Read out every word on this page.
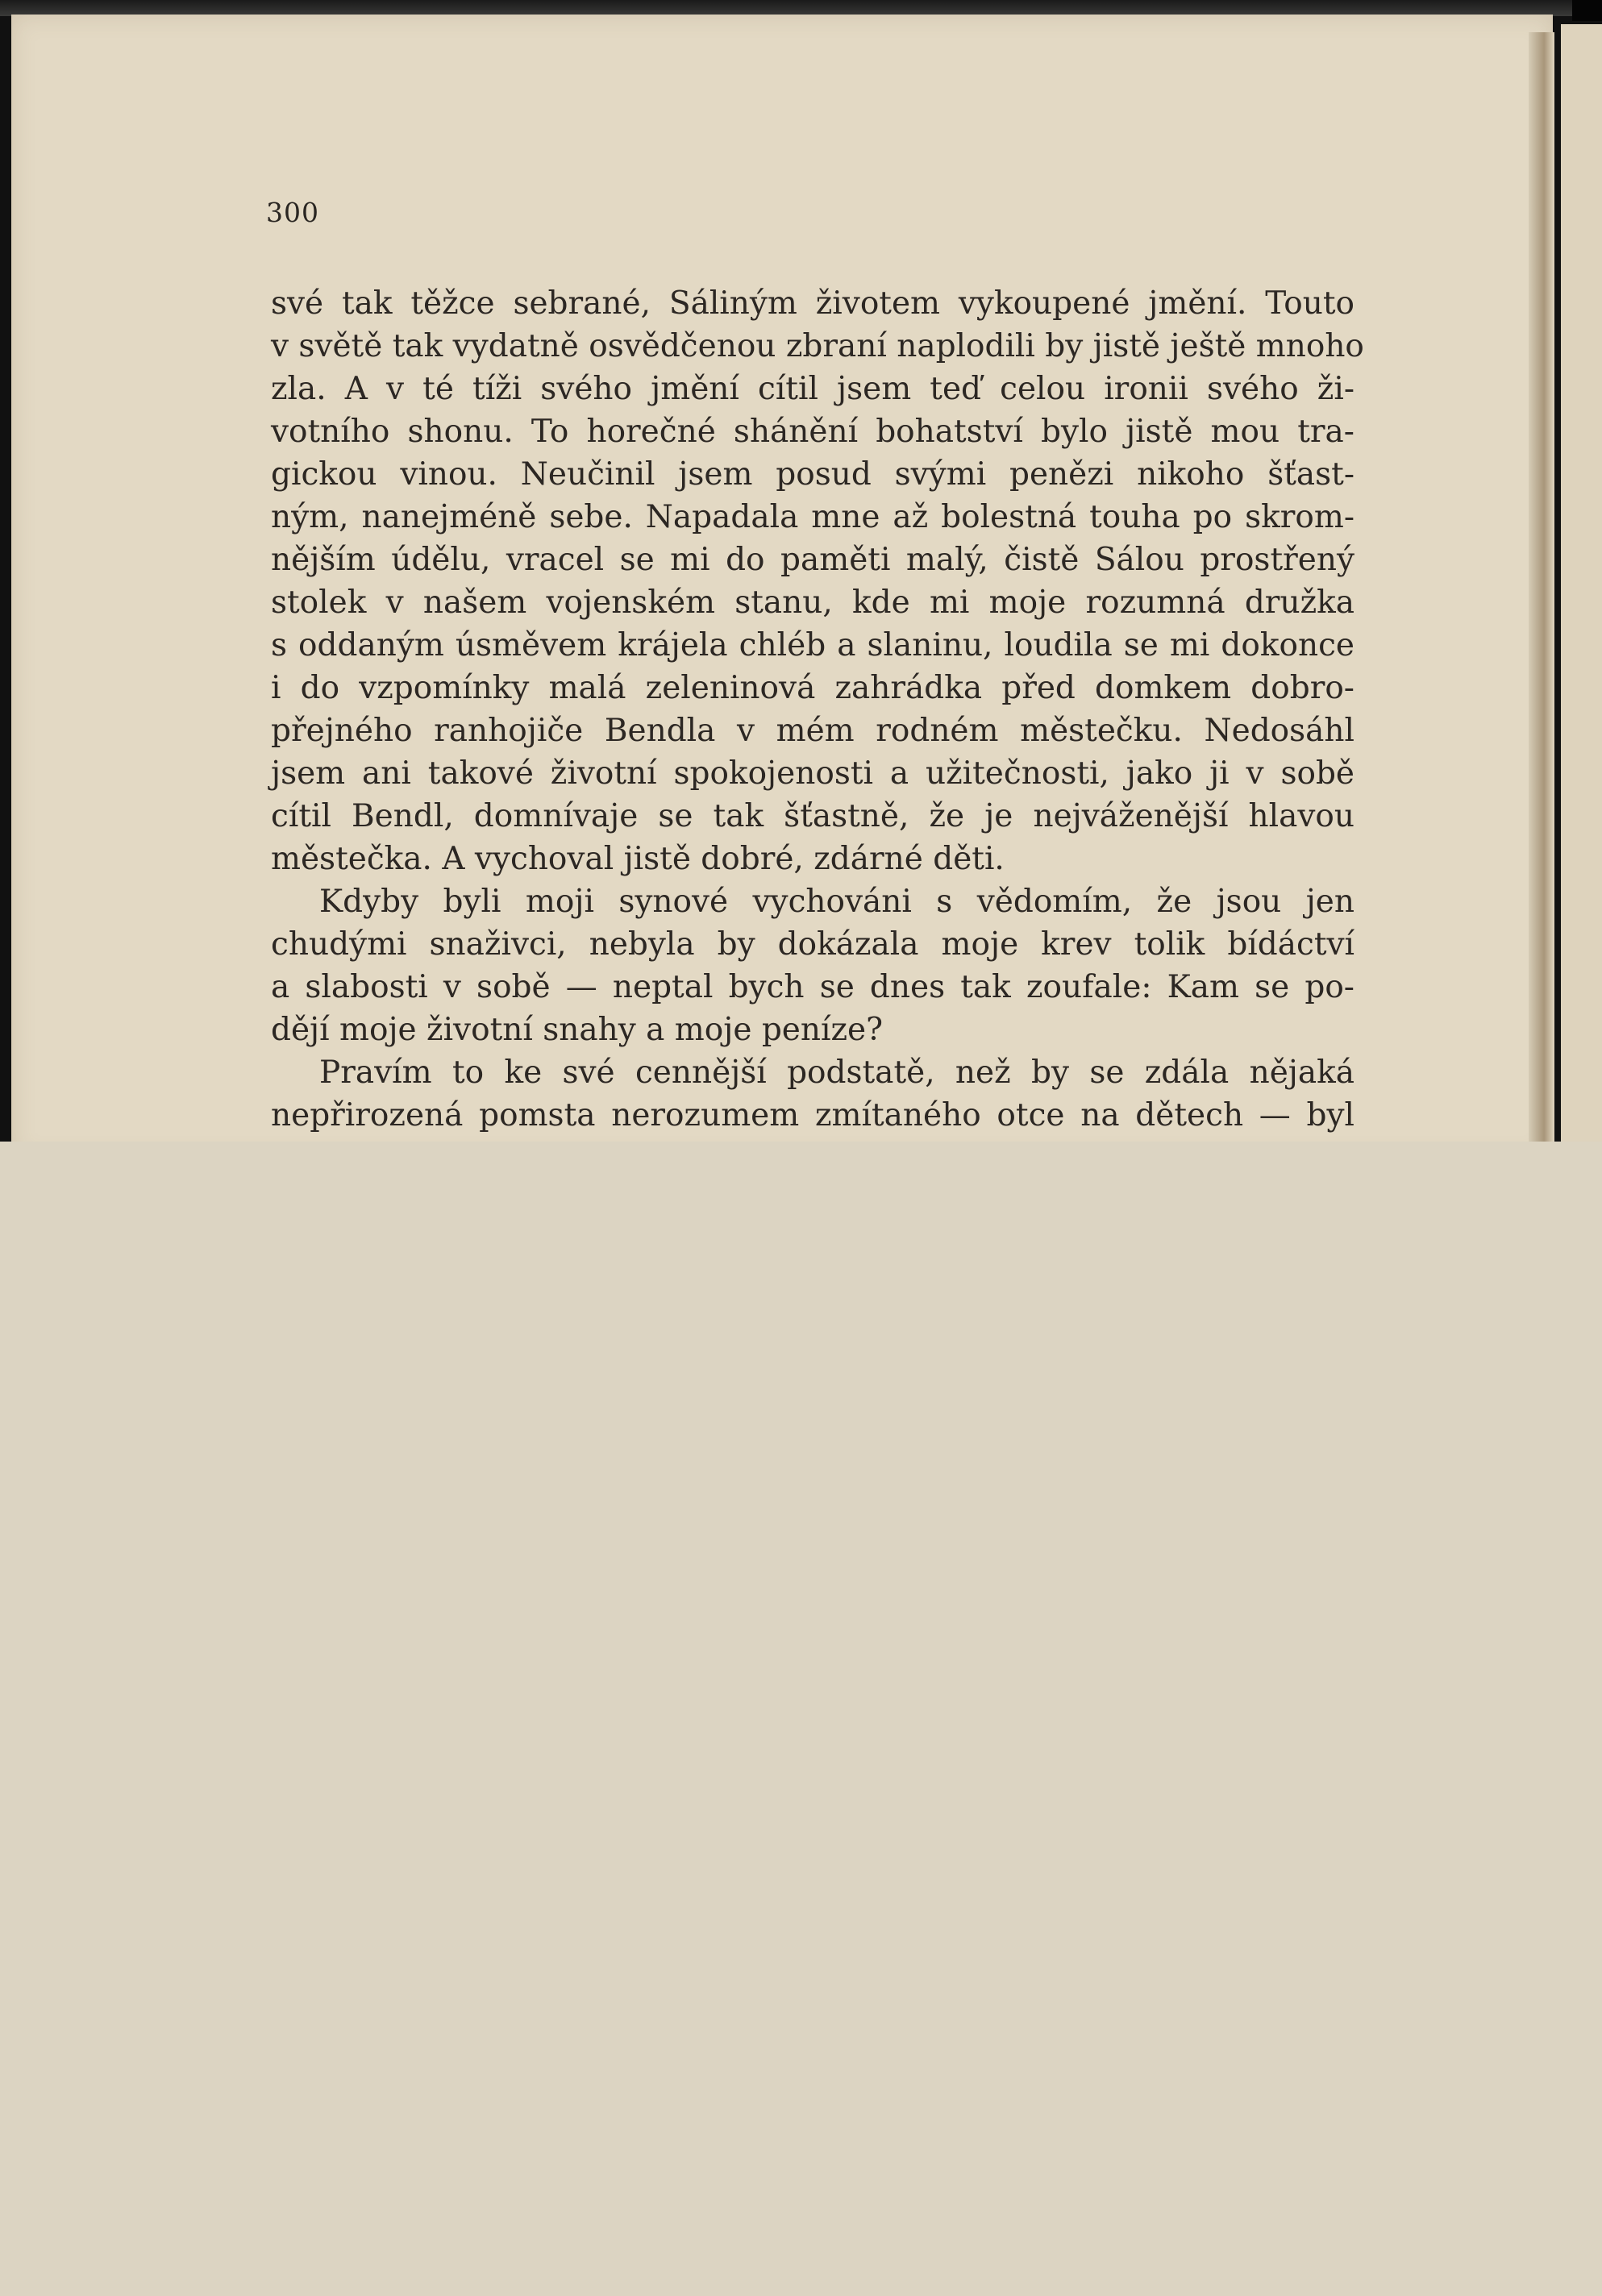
300
své tak těžce sebrané, Sáliným životem vykoupené jmění. Touto
v světě tak vydatně osvědčenou zbraní naplodili by jistě ještě mnoho
zla. A v té tíži svého jmění cítil jsem teď celou ironii svého ži-
votního shonu. To horečné shánění bohatství bylo jistě mou tra-
gickou vinou. Neučinil jsem posud svými penězi nikoho šťast-
ným, nanejméně sebe. Napadala mne až bolestná touha po skrom-
nějším údělu, vracel se mi do paměti malý, čistě Sálou prostřený
stolek v našem vojenském stanu, kde mi moje rozumná družka
s oddaným úsměvem krájela chléb a slaninu, loudila se mi dokonce
i do vzpomínky malá zeleninová zahrádka před domkem dobro-
přejného ranhojiče Bendla v mém rodném městečku. Nedosáhl
jsem ani takové životní spokojenosti a užitečnosti, jako ji v sobě
cítil Bendl, domnívaje se tak šťastně, že je nejváženější hlavou
městečka. A vychoval jistě dobré, zdárné děti.
Kdyby byli moji synové vychováni s vědomím, že jsou jen
chudými snaživci, nebyla by dokázala moje krev tolik bídáctví
a slabosti v sobě — neptal bych se dnes tak zoufale: Kam se po-
dějí moje životní snahy a moje peníze?
Pravím to ke své cennější podstatě, než by se zdála nějaká
nepřirozená pomsta nerozumem zmítaného otce na dětech — byl
